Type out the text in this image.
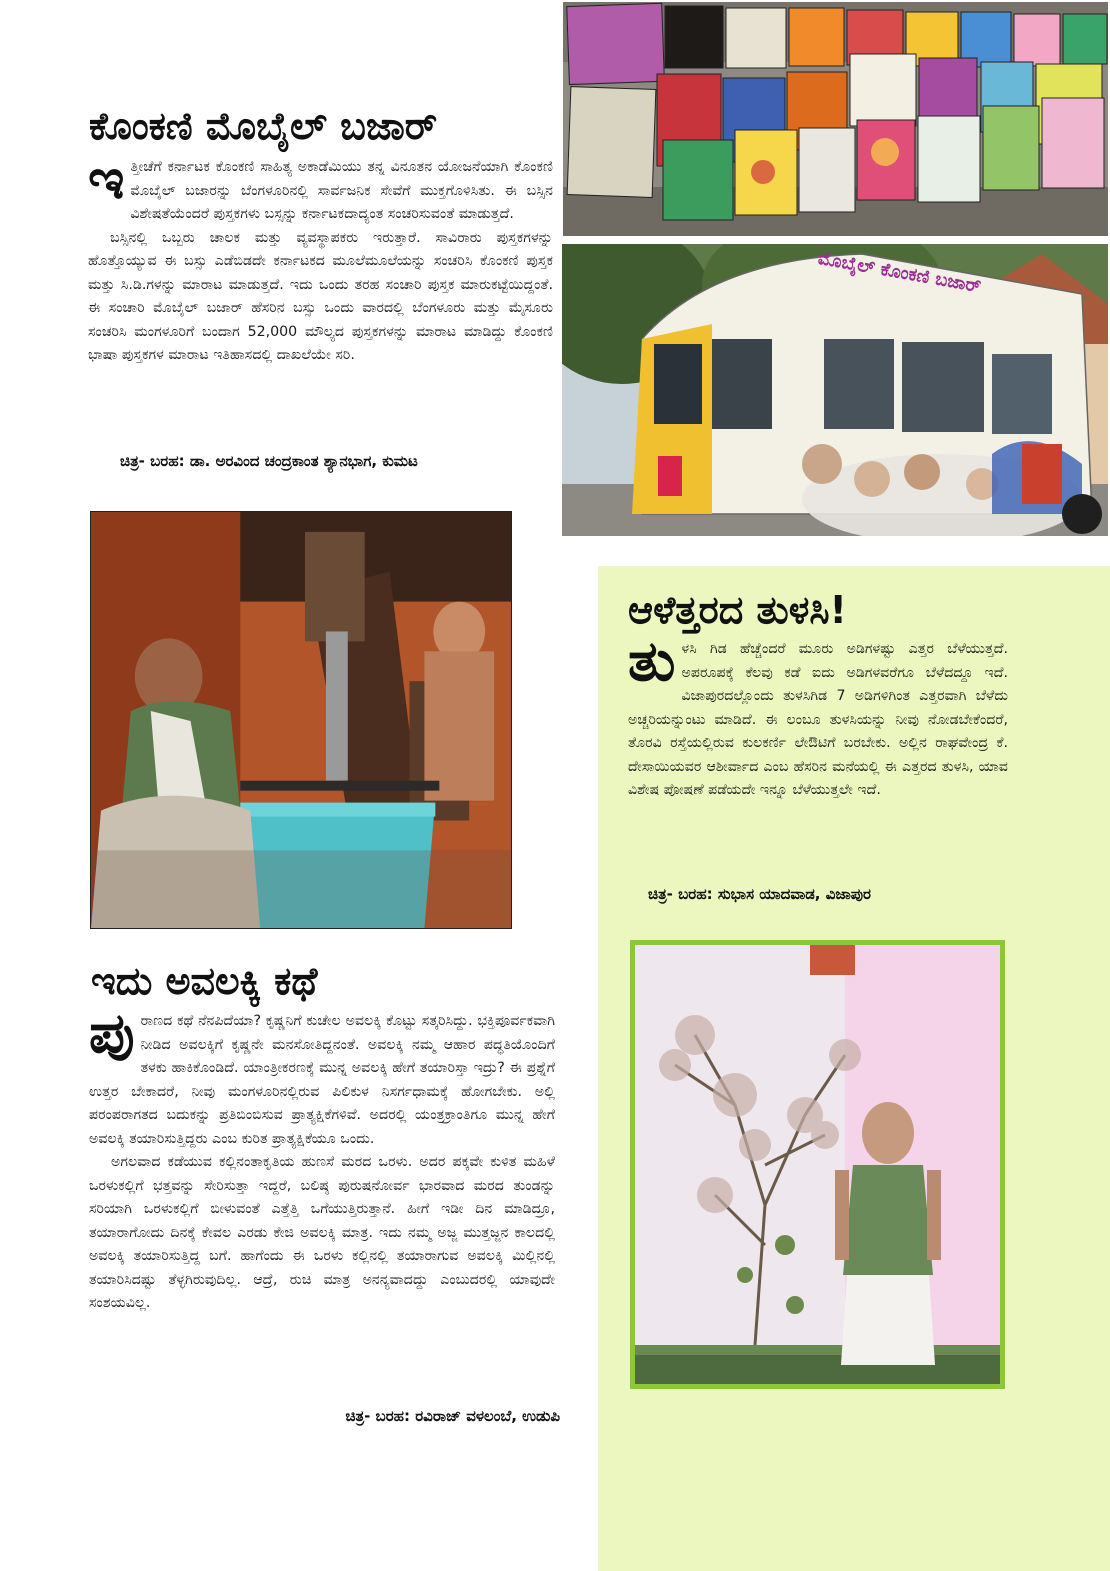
ಮೊಬೈಲ್ ಕೊಂಕಣಿ ಬಜಾರ್
ಕೊಂಕಣಿ ಮೊಬೈಲ್ ಬಜಾರ್

ಇತ್ತೀಚೆಗೆ ಕರ್ನಾಟಕ ಕೊಂಕಣಿ ಸಾಹಿತ್ಯ ಅಕಾಡೆಮಿಯು ತನ್ನ ವಿನೂತನ ಯೋಜನೆಯಾಗಿ ಕೊಂಕಣಿ ಮೊಬೈಲ್ ಬಜಾರನ್ನು ಬೆಂಗಳೂರಿನಲ್ಲಿ ಸಾರ್ವಜನಿಕ ಸೇವೆಗೆ ಮುಕ್ತಗೊಳಿಸಿತು. ಈ ಬಸ್ಸಿನ ವಿಶೇಷತೆಯೆಂದರೆ ಪುಸ್ತಕಗಳು ಬಸ್ಸನ್ನು ಕರ್ನಾಟಕದಾದ್ಯಂತ ಸಂಚರಿಸುವಂತೆ ಮಾಡುತ್ತದೆ.

ಬಸ್ಸಿನಲ್ಲಿ ಒಬ್ಬರು ಚಾಲಕ ಮತ್ತು ವ್ಯವಸ್ಥಾಪಕರು ಇರುತ್ತಾರೆ. ಸಾವಿರಾರು ಪುಸ್ತಕಗಳನ್ನು ಹೊತ್ತೊಯ್ಯುವ ಈ ಬಸ್ಸು ಎಡೆಬಿಡದೇ ಕರ್ನಾಟಕದ ಮೂಲೆಮೂಲೆಯನ್ನು ಸಂಚರಿಸಿ ಕೊಂಕಣಿ ಪುಸ್ತಕ ಮತ್ತು ಸಿ.ಡಿ.ಗಳನ್ನು ಮಾರಾಟ ಮಾಡುತ್ತದೆ. ಇದು ಒಂದು ತರಹ ಸಂಚಾರಿ ಪುಸ್ತಕ ಮಾರುಕಟ್ಟೆಯಿದ್ದಂತೆ. ಈ ಸಂಚಾರಿ ಮೊಬೈಲ್ ಬಜಾರ್ ಹೆಸರಿನ ಬಸ್ಸು ಒಂದು ವಾರದಲ್ಲಿ ಬೆಂಗಳೂರು ಮತ್ತು ಮೈಸೂರು ಸಂಚರಿಸಿ ಮಂಗಳೂರಿಗೆ ಬಂದಾಗ 52,000 ಮೌಲ್ಯದ ಪುಸ್ತಕಗಳನ್ನು ಮಾರಾಟ ಮಾಡಿದ್ದು ಕೊಂಕಣಿ ಭಾಷಾ ಪುಸ್ತಕಗಳ ಮಾರಾಟ ಇತಿಹಾಸದಲ್ಲಿ ದಾಖಲೆಯೇ ಸರಿ.

ಚಿತ್ರ- ಬರಹ: ಡಾ. ಅರವಿಂದ ಚಂದ್ರಕಾಂತ ಶ್ಯಾನಭಾಗ, ಕುಮಟ
ಇದು ಅವಲಕ್ಕಿ ಕಥೆ

ಪುರಾಣದ ಕಥೆ ನೆನಪಿದೆಯಾ? ಕೃಷ್ಣನಿಗೆ ಕುಚೇಲ ಅವಲಕ್ಕಿ ಕೊಟ್ಟು ಸತ್ಕರಿಸಿದ್ದು. ಭಕ್ತಿಪೂರ್ವಕವಾಗಿ ನೀಡಿದ ಅವಲಕ್ಕಿಗೆ ಕೃಷ್ಣನೇ ಮನಸೋತಿದ್ದನಂತೆ. ಅವಲಕ್ಕಿ ನಮ್ಮ ಆಹಾರ ಪದ್ಧತಿಯೊಂದಿಗೆ ತಳಕು ಹಾಕಿಕೊಂಡಿದೆ. ಯಾಂತ್ರೀಕರಣಕ್ಕೆ ಮುನ್ನ ಅವಲಕ್ಕಿ ಹೇಗೆ ತಯಾರಿಸ್ತಾ ಇದ್ರು? ಈ ಪ್ರಶ್ನೆಗೆ ಉತ್ತರ ಬೇಕಾದರೆ, ನೀವು ಮಂಗಳೂರಿನಲ್ಲಿರುವ ಪಿಲಿಕುಳ ನಿಸರ್ಗಧಾಮಕ್ಕೆ ಹೋಗಬೇಕು. ಅಲ್ಲಿ ಪರಂಪರಾಗತದ ಬದುಕನ್ನು ಪ್ರತಿಬಿಂಬಿಸುವ ಪ್ರಾತ್ಯಕ್ಷಿಕೆಗಳಿವೆ. ಅದರಲ್ಲಿ ಯಂತ್ರಕ್ರಾಂತಿಗೂ ಮುನ್ನ ಹೇಗೆ ಅವಲಕ್ಕಿ ತಯಾರಿಸುತ್ತಿದ್ದರು ಎಂಬ ಕುರಿತ ಪ್ರಾತ್ಯಕ್ಷಿಕೆಯೂ ಒಂದು.

ಅಗಲವಾದ ಕಡೆಯುವ ಕಲ್ಲಿನಂತಾಕೃತಿಯ ಹುಣಸೆ ಮರದ ಒರಳು. ಅದರ ಪಕ್ಕವೇ ಕುಳಿತ ಮಹಿಳೆ ಒರಳುಕಲ್ಲಿಗೆ ಭತ್ತವನ್ನು ಸೇರಿಸುತ್ತಾ ಇದ್ದರೆ, ಬಲಿಷ್ಠ ಪುರುಷನೋರ್ವ ಭಾರವಾದ ಮರದ ತುಂಡನ್ನು ಸರಿಯಾಗಿ ಒರಳುಕಲ್ಲಿಗೆ ಬೀಳುವಂತೆ ಎತ್ತೆತ್ತಿ ಒಗೆಯುತ್ತಿರುತ್ತಾನೆ. ಹೀಗೆ ಇಡೀ ದಿನ ಮಾಡಿದ್ರೂ, ತಯಾರಾಗೋದು ದಿನಕ್ಕೆ ಕೇವಲ ಎರಡು ಕೇಜಿ ಅವಲಕ್ಕಿ ಮಾತ್ರ. ಇದು ನಮ್ಮ ಅಜ್ಜ ಮುತ್ತಜ್ಜನ ಕಾಲದಲ್ಲಿ ಅವಲಕ್ಕಿ ತಯಾರಿಸುತ್ತಿದ್ದ ಬಗೆ. ಹಾಗೆಂದು ಈ ಒರಳು ಕಲ್ಲಿನಲ್ಲಿ ತಯಾರಾಗುವ ಅವಲಕ್ಕಿ ಮಿಲ್ಲಿನಲ್ಲಿ ತಯಾರಿಸಿದಷ್ಟು ತೆಳ್ಳಗಿರುವುದಿಲ್ಲ. ಆದ್ರೆ, ರುಚಿ ಮಾತ್ರ ಅನನ್ಯವಾದದ್ದು ಎಂಬುದರಲ್ಲಿ ಯಾವುದೇ ಸಂಶಯವಿಲ್ಲ.

ಚಿತ್ರ- ಬರಹ: ರವಿರಾಜ್ ವಳಲಂಬೆ, ಉಡುಪಿ
ಆಳೆತ್ತರದ ತುಳಸಿ!

ತುಳಸಿ ಗಿಡ ಹೆಚ್ಚೆಂದರೆ ಮೂರು ಅಡಿಗಳಷ್ಟು ಎತ್ತರ ಬೆಳೆಯುತ್ತದೆ. ಅಪರೂಪಕ್ಕೆ ಕೆಲವು ಕಡೆ ಐದು ಅಡಿಗಳವರೆಗೂ ಬೆಳೆದದ್ದೂ ಇದೆ. ವಿಜಾಪುರದಲ್ಲೊಂದು ತುಳಸಿಗಿಡ 7 ಅಡಿಗಳಿಗಿಂತ ಎತ್ತರವಾಗಿ ಬೆಳೆದು ಅಚ್ಚರಿಯನ್ನುಂಟು ಮಾಡಿದೆ. ಈ ಲಂಬೂ ತುಳಸಿಯನ್ನು ನೀವು ನೋಡಬೇಕೆಂದರೆ, ತೊರವಿ ರಸ್ತೆಯಲ್ಲಿರುವ ಕುಲಕರ್ಣಿ ಲೇಔಟಿಗೆ ಬರಬೇಕು. ಅಲ್ಲಿನ ರಾಘವೇಂದ್ರ ಕೆ. ದೇಸಾಯಿಯವರ ಆಶೀರ್ವಾದ ಎಂಬ ಹೆಸರಿನ ಮನೆಯಲ್ಲಿ ಈ ಎತ್ತರದ ತುಳಸಿ, ಯಾವ ವಿಶೇಷ ಪೋಷಣೆ ಪಡೆಯದೇ ಇನ್ನೂ ಬೆಳೆಯುತ್ತಲೇ ಇದೆ.

ಚಿತ್ರ- ಬರಹ: ಸುಭಾಸ ಯಾದವಾಡ, ವಿಜಾಪುರ
